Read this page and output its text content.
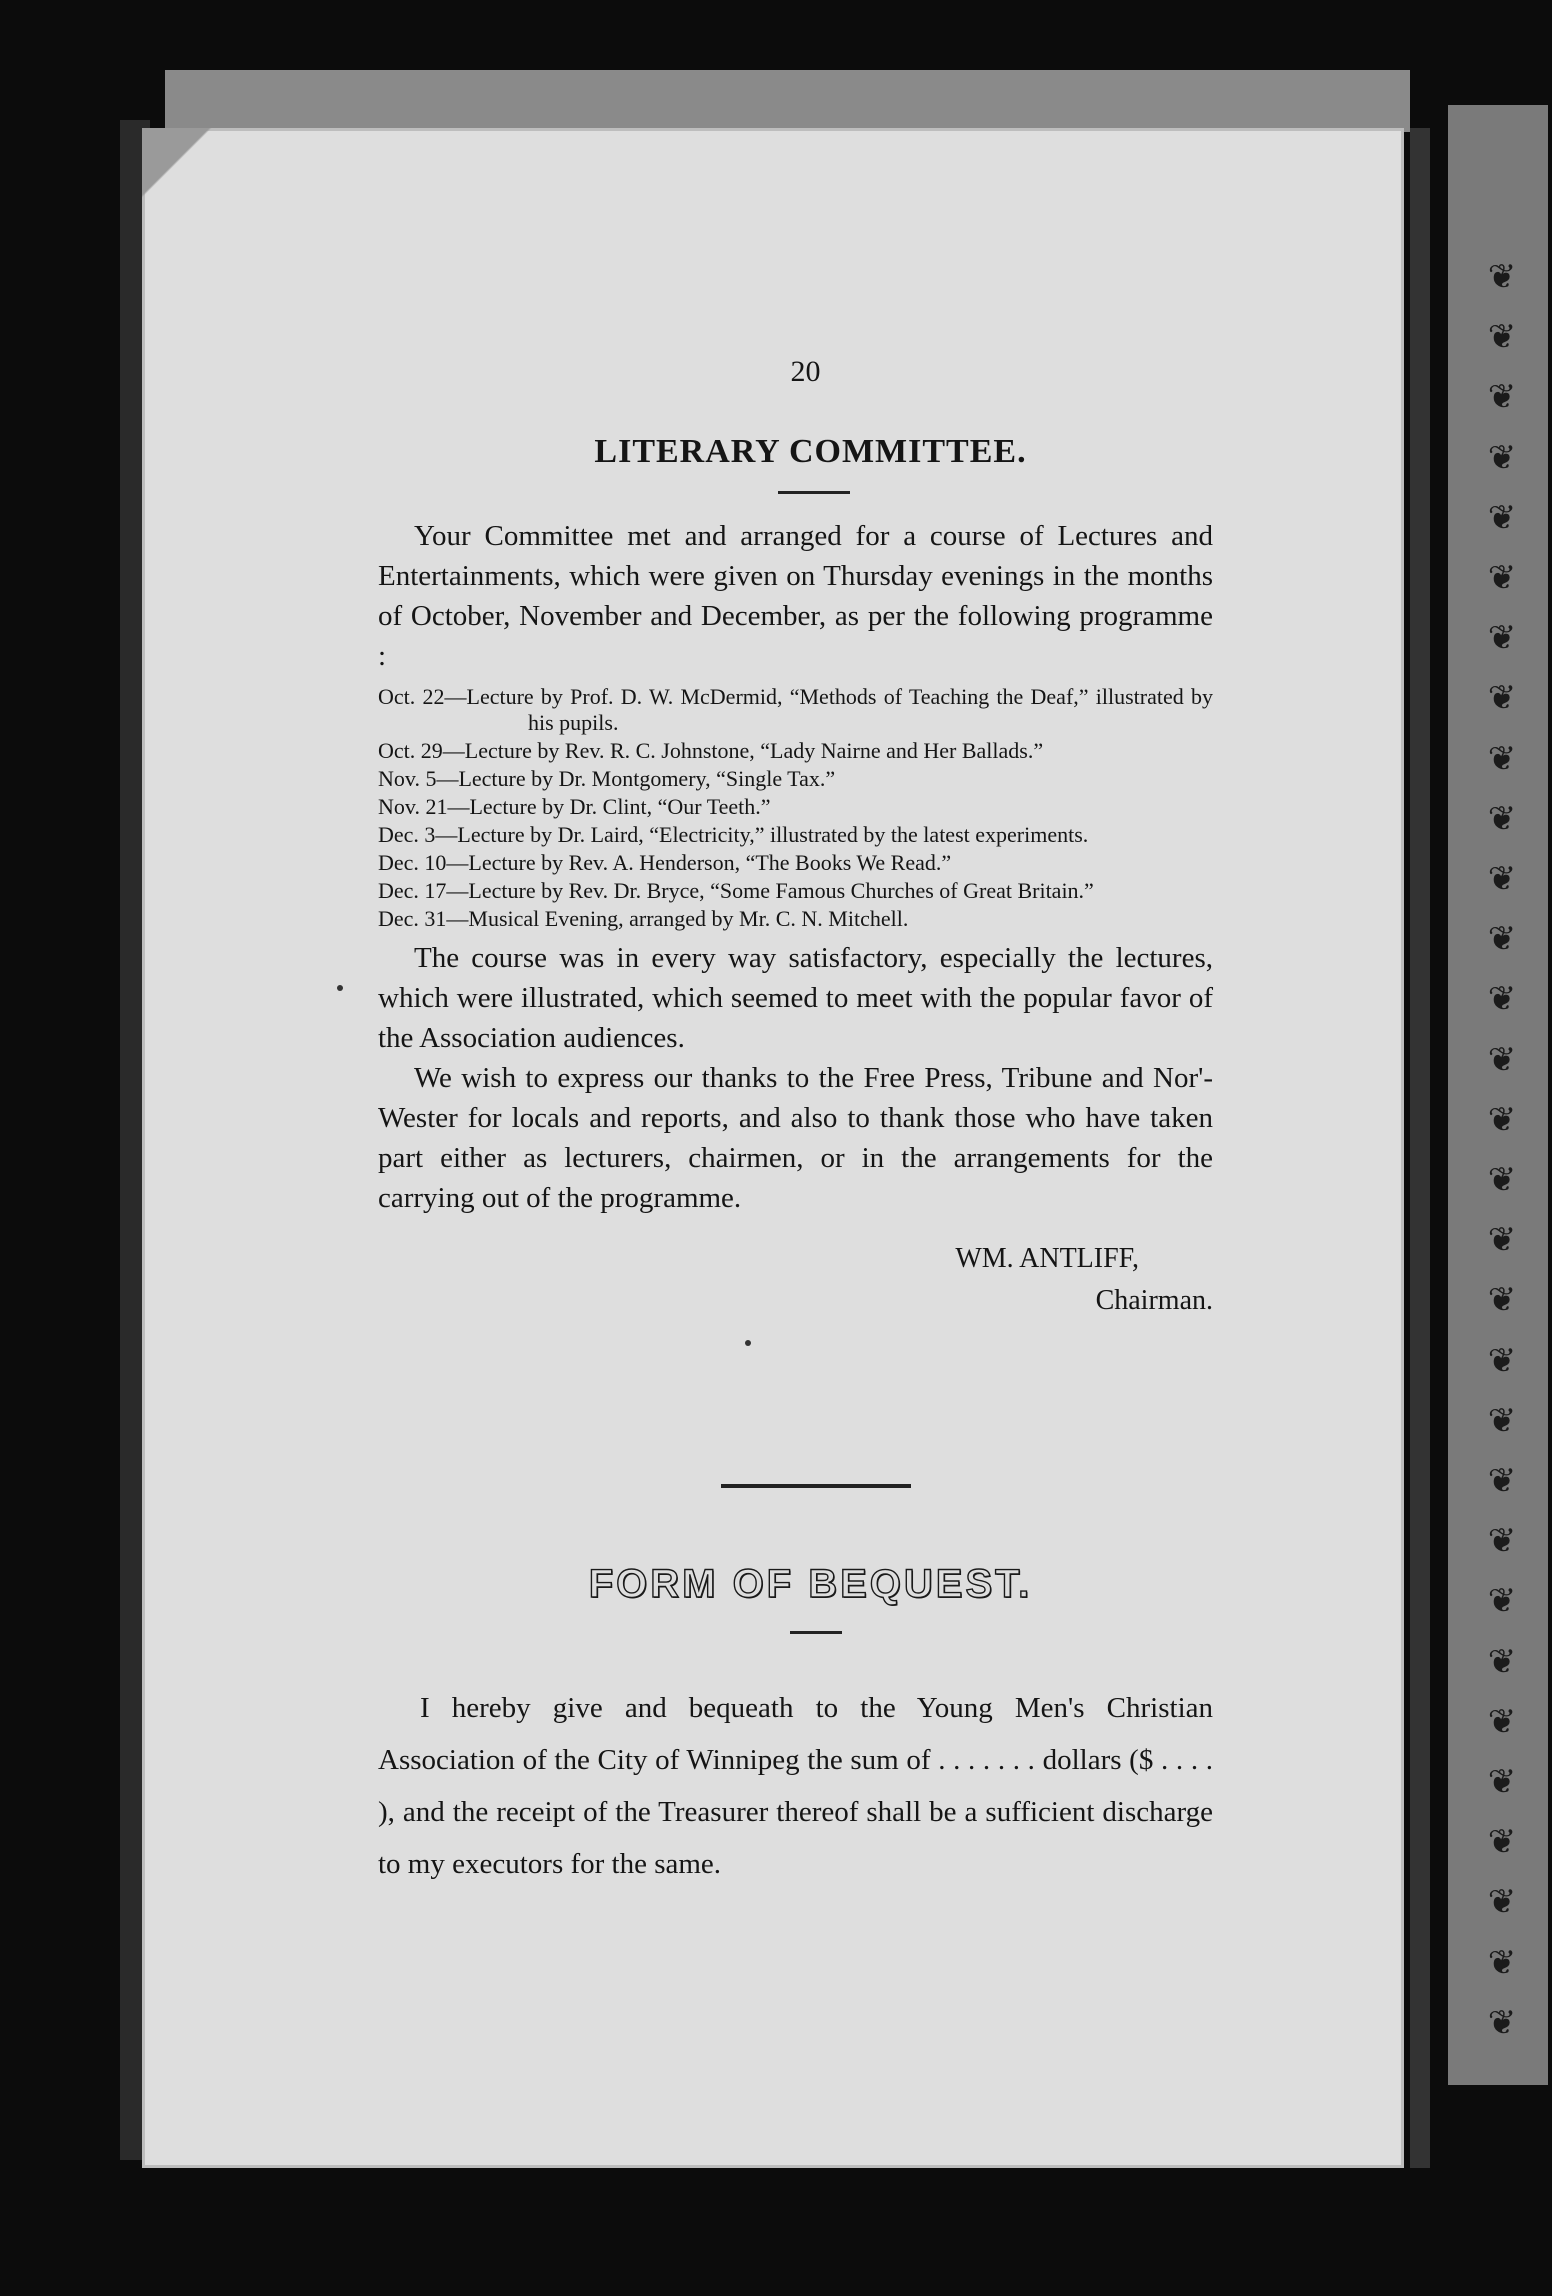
❦
❦
❦
❦
❦
❦
❦
❦
❦
❦
❦
❦
❦
❦
❦
❦
❦
❦
❦
❦
❦
❦
❦
❦
❦
❦
❦
❦
❦
❦

20

LITERARY COMMITTEE.

Your Committee met and arranged for a course of Lectures and Entertainments, which were given on Thursday evenings in the months of October, November and December, as per the following programme :

Oct. 22—Lecture by Prof. D. W. McDermid, “Methods of Teaching the Deaf,” illustrated by his pupils.

Oct. 29—Lecture by Rev. R. C. Johnstone, “Lady Nairne and Her Ballads.”

Nov. 5—Lecture by Dr. Montgomery, “Single Tax.”

Nov. 21—Lecture by Dr. Clint, “Our Teeth.”

Dec. 3—Lecture by Dr. Laird, “Electricity,” illustrated by the latest experiments.

Dec. 10—Lecture by Rev. A. Henderson, “The Books We Read.”

Dec. 17—Lecture by Rev. Dr. Bryce, “Some Famous Churches of Great Britain.”

Dec. 31—Musical Evening, arranged by Mr. C. N. Mitchell.

The course was in every way satisfactory, especially the lectures, which were illustrated, which seemed to meet with the popular favor of the Association audiences.

We wish to express our thanks to the Free Press, Tribune and Nor'-Wester for locals and reports, and also to thank those who have taken part either as lecturers, chairmen, or in the arrangements for the carrying out of the programme.

WM. ANTLIFF,
Chairman.
FORM OF BEQUEST.

I hereby give and bequeath to the Young Men's Christian Association of the City of Winnipeg the sum of . . . . . . . dollars ($ . . . . ), and the receipt of the Treasurer thereof shall be a sufficient discharge to my executors for the same.
